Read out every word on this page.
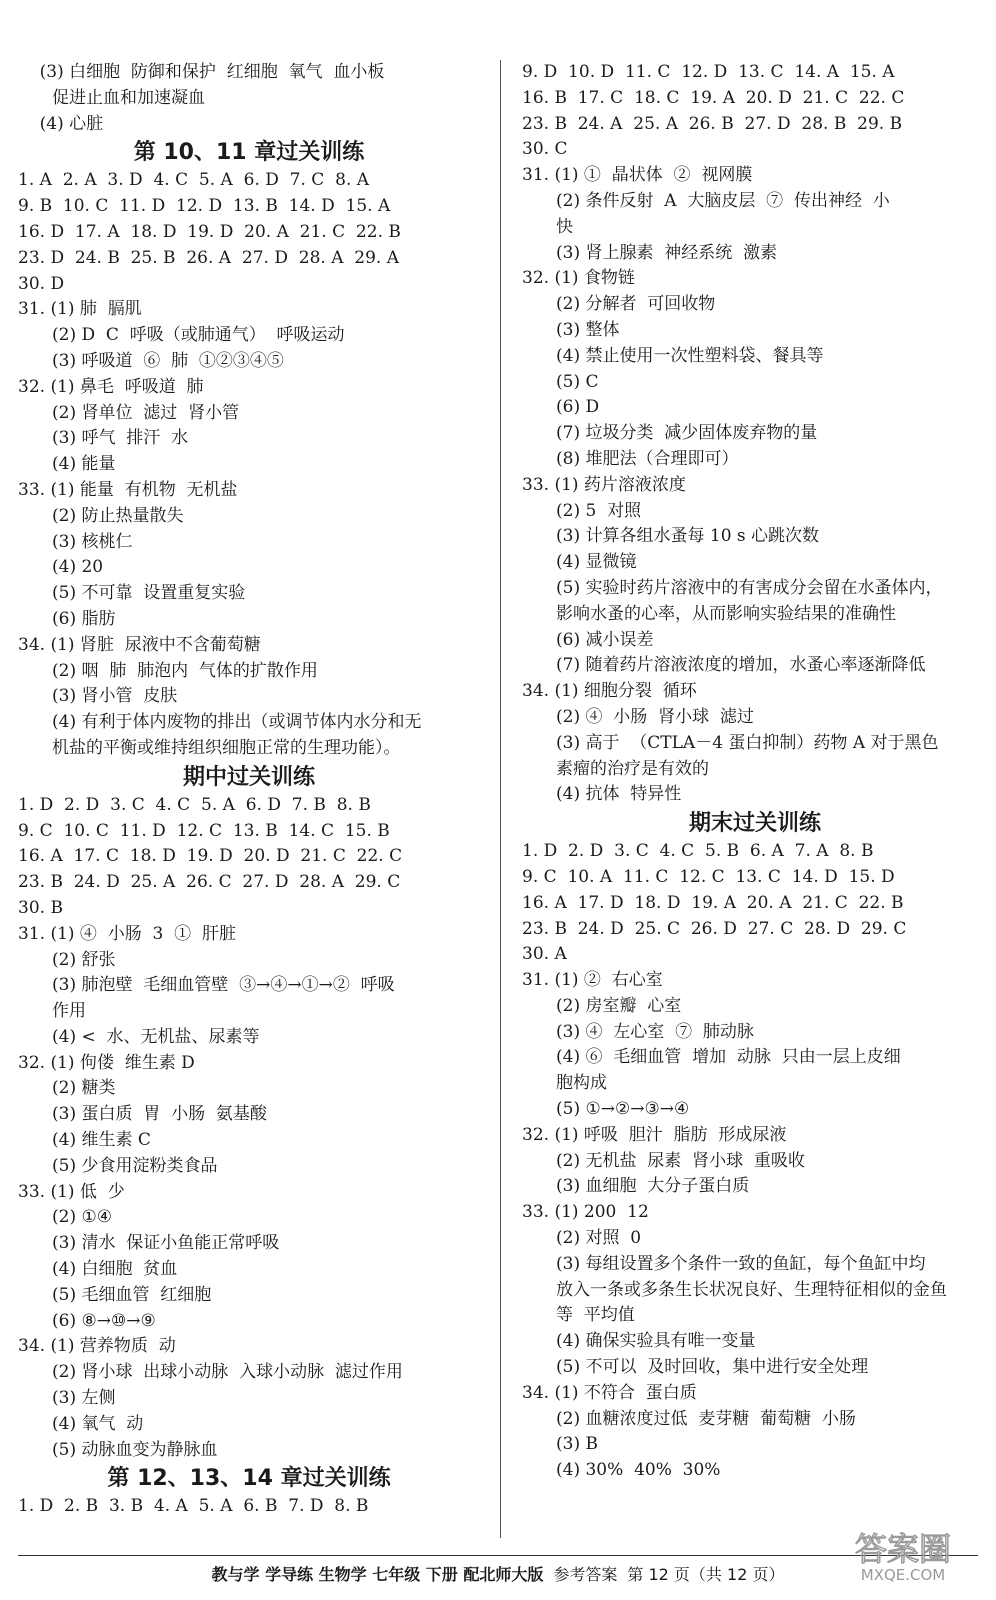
(3) 白细胞  防御和保护  红细胞  氧气  血小板
促进止血和加速凝血
(4) 心脏
第 10、11 章过关训练
1. A  2. A  3. D  4. C  5. A  6. D  7. C  8. A
9. B  10. C  11. D  12. D  13. B  14. D  15. A
16. D  17. A  18. D  19. D  20. A  21. C  22. B
23. D  24. B  25. B  26. A  27. D  28. A  29. A
30. D
31. (1) 肺  膈肌
(2) D  C  呼吸（或肺通气）  呼吸运动
(3) 呼吸道  ⑥  肺  ①②③④⑤
32. (1) 鼻毛  呼吸道  肺
(2) 肾单位  滤过  肾小管
(3) 呼气  排汗  水
(4) 能量
33. (1) 能量  有机物  无机盐
(2) 防止热量散失
(3) 核桃仁
(4) 20
(5) 不可靠  设置重复实验
(6) 脂肪
34. (1) 肾脏  尿液中不含葡萄糖
(2) 咽  肺  肺泡内  气体的扩散作用
(3) 肾小管  皮肤
(4) 有利于体内废物的排出（或调节体内水分和无
机盐的平衡或维持组织细胞正常的生理功能）。
期中过关训练
1. D  2. D  3. C  4. C  5. A  6. D  7. B  8. B
9. C  10. C  11. D  12. C  13. B  14. C  15. B
16. A  17. C  18. D  19. D  20. D  21. C  22. C
23. B  24. D  25. A  26. C  27. D  28. A  29. C
30. B
31. (1) ④  小肠  3  ①  肝脏
(2) 舒张
(3) 肺泡壁  毛细血管壁  ③→④→①→②  呼吸
作用
(4) <  水、无机盐、尿素等
32. (1) 佝偻  维生素 D
(2) 糖类
(3) 蛋白质  胃  小肠  氨基酸
(4) 维生素 C
(5) 少食用淀粉类食品
33. (1) 低  少
(2) ①④
(3) 清水  保证小鱼能正常呼吸
(4) 白细胞  贫血
(5) 毛细血管  红细胞
(6) ⑧→⑩→⑨
34. (1) 营养物质  动
(2) 肾小球  出球小动脉  入球小动脉  滤过作用
(3) 左侧
(4) 氧气  动
(5) 动脉血变为静脉血
第 12、13、14 章过关训练
1. D  2. B  3. B  4. A  5. A  6. B  7. D  8. B
9. D  10. D  11. C  12. D  13. C  14. A  15. A
16. B  17. C  18. C  19. A  20. D  21. C  22. C
23. B  24. A  25. A  26. B  27. D  28. B  29. B
30. C
31. (1) ①  晶状体  ②  视网膜
(2) 条件反射  A  大脑皮层  ⑦  传出神经  小
快
(3) 肾上腺素  神经系统  激素
32. (1) 食物链
(2) 分解者  可回收物
(3) 整体
(4) 禁止使用一次性塑料袋、餐具等
(5) C
(6) D
(7) 垃圾分类  减少固体废弃物的量
(8) 堆肥法（合理即可）
33. (1) 药片溶液浓度
(2) 5  对照
(3) 计算各组水蚤每 10 s 心跳次数
(4) 显微镜
(5) 实验时药片溶液中的有害成分会留在水蚤体内，
影响水蚤的心率，从而影响实验结果的准确性
(6) 减小误差
(7) 随着药片溶液浓度的增加，水蚤心率逐渐降低
34. (1) 细胞分裂  循环
(2) ④  小肠  肾小球  滤过
(3) 高于  （CTLA－4 蛋白抑制）药物 A 对于黑色
素瘤的治疗是有效的
(4) 抗体  特异性
期末过关训练
1. D  2. D  3. C  4. C  5. B  6. A  7. A  8. B
9. C  10. A  11. C  12. C  13. C  14. D  15. D
16. A  17. D  18. D  19. A  20. A  21. C  22. B
23. B  24. D  25. C  26. D  27. C  28. D  29. C
30. A
31. (1) ②  右心室
(2) 房室瓣  心室
(3) ④  左心室  ⑦  肺动脉
(4) ⑥  毛细血管  增加  动脉  只由一层上皮细
胞构成
(5) ①→②→③→④
32. (1) 呼吸  胆汁  脂肪  形成尿液
(2) 无机盐  尿素  肾小球  重吸收
(3) 血细胞  大分子蛋白质
33. (1) 200  12
(2) 对照  0
(3) 每组设置多个条件一致的鱼缸，每个鱼缸中均
放入一条或多条生长状况良好、生理特征相似的金鱼
等  平均值
(4) 确保实验具有唯一变量
(5) 不可以  及时回收，集中进行安全处理
34. (1) 不符合  蛋白质
(2) 血糖浓度过低  麦芽糖  葡萄糖  小肠
(3) B
(4) 30%  40%  30%
教与学 学导练 生物学 七年级 下册 配北师大版 参考答案 第 12 页（共 12 页）
答案圈
MXQE.COM
